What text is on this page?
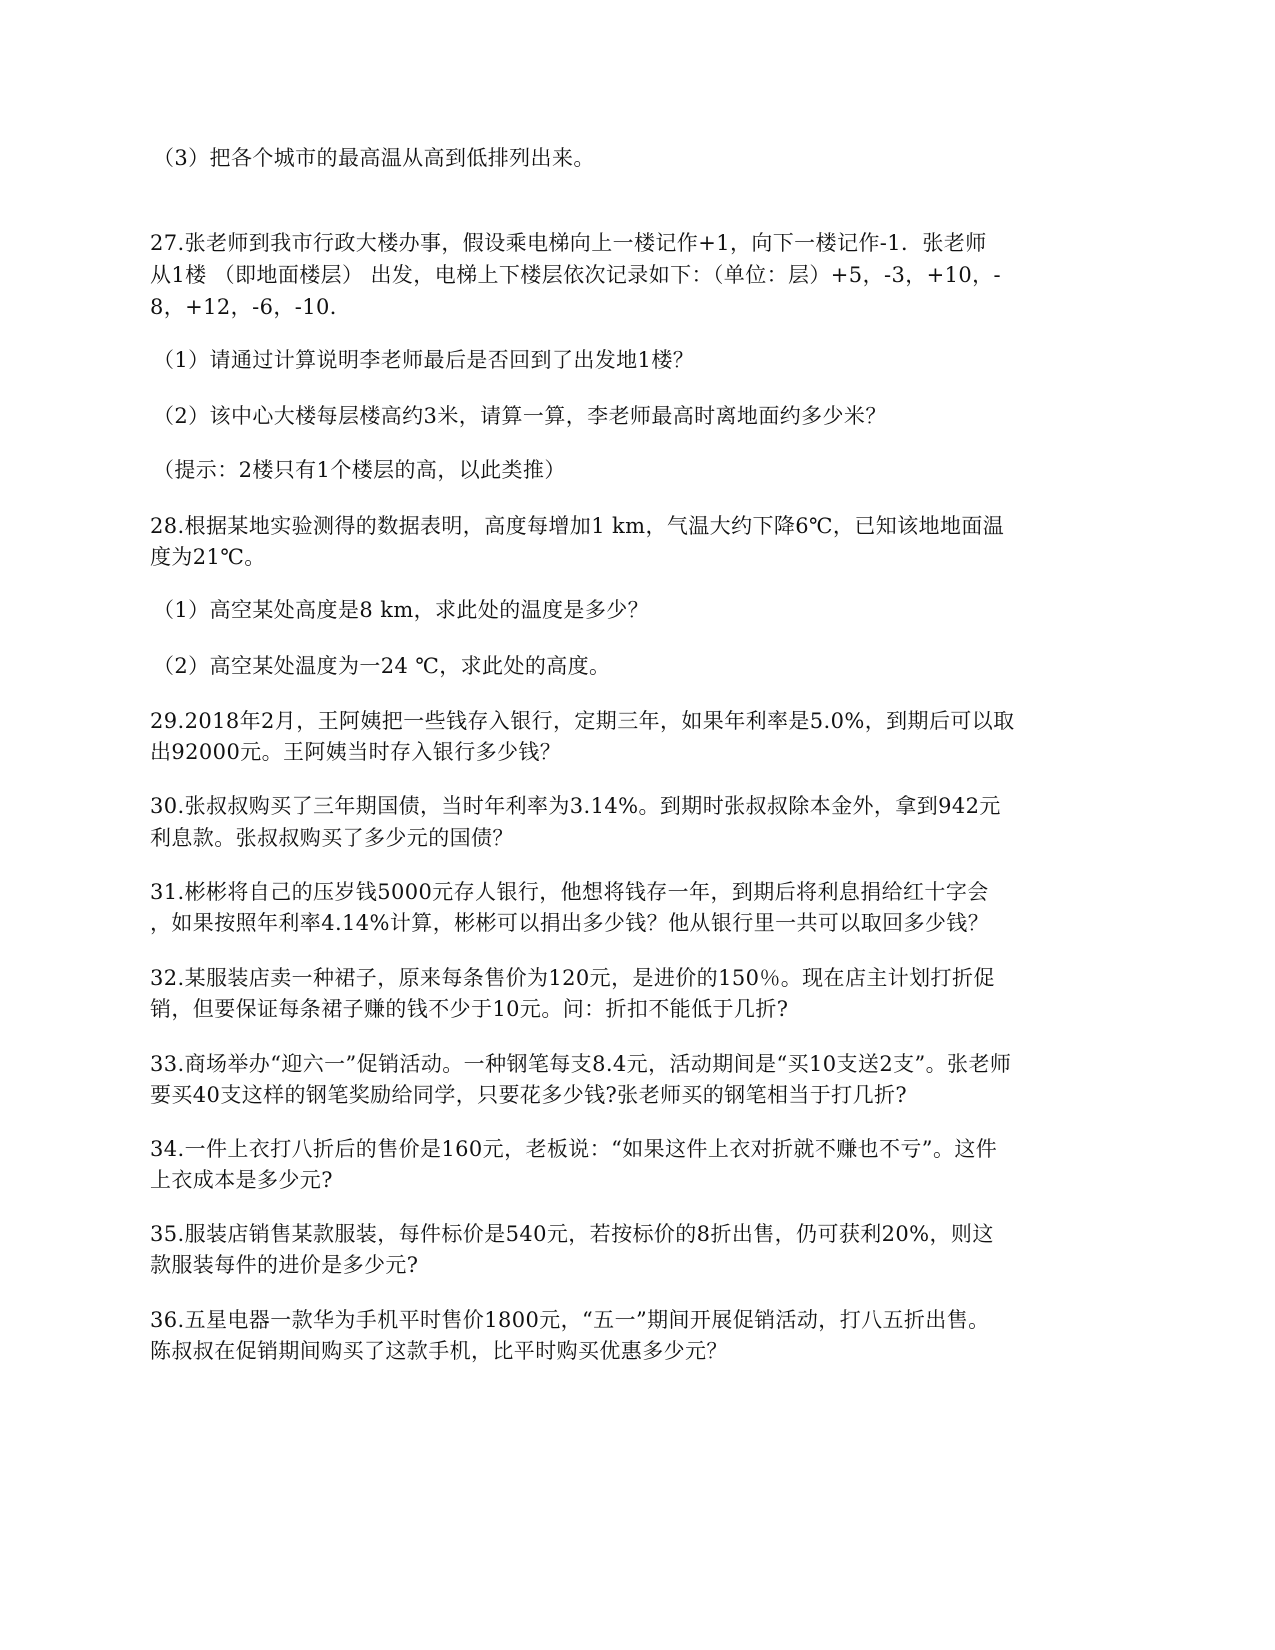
（3）把各个城市的最高温从高到低排列出来。
27.张老师到我市行政大楼办事，假设乘电梯向上一楼记作+1，向下一楼记作-1．张老师
从1楼 （即地面楼层） 出发，电梯上下楼层依次记录如下：（单位：层）+5，-3，+10，-
8，+12，-6，-10．
（1）请通过计算说明李老师最后是否回到了出发地1楼？
（2）该中心大楼每层楼高约3米，请算一算，李老师最高时离地面约多少米？
（提示：2楼只有1个楼层的高，以此类推）
28.根据某地实验测得的数据表明，高度每增加1 km，气温大约下降6℃，已知该地地面温
度为21℃。
（1）高空某处高度是8 km，求此处的温度是多少？
（2）高空某处温度为一24 ℃，求此处的高度。
29.2018年2月，王阿姨把一些钱存入银行，定期三年，如果年利率是5.0%，到期后可以取
出92000元。王阿姨当时存入银行多少钱？
30.张叔叔购买了三年期国债，当时年利率为3.14%。到期时张叔叔除本金外，拿到942元
利息款。张叔叔购买了多少元的国债？
31.彬彬将自己的压岁钱5000元存人银行，他想将钱存一年，到期后将利息捐给红十字会
，如果按照年利率4.14%计算，彬彬可以捐出多少钱？他从银行里一共可以取回多少钱？
32.某服装店卖一种裙子，原来每条售价为120元，是进价的150％。现在店主计划打折促
销，但要保证每条裙子赚的钱不少于10元。问：折扣不能低于几折?
33.商场举办“迎六一”促销活动。一种钢笔每支8.4元，活动期间是“买10支送2支”。张老师
要买40支这样的钢笔奖励给同学，只要花多少钱?张老师买的钢笔相当于打几折?
34.一件上衣打八折后的售价是160元，老板说：“如果这件上衣对折就不赚也不亏”。这件
上衣成本是多少元?
35.服装店销售某款服装，每件标价是540元，若按标价的8折出售，仍可获利20%，则这
款服装每件的进价是多少元?
36.五星电器一款华为手机平时售价1800元，“五一”期间开展促销活动，打八五折出售。
陈叔叔在促销期间购买了这款手机，比平时购买优惠多少元？
